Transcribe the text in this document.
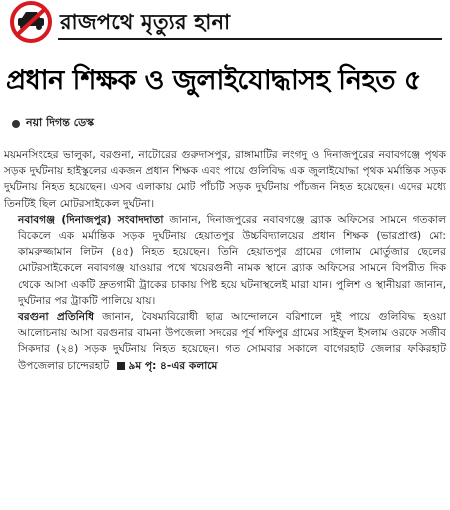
রাজপথে মৃত্যুর হানা
প্রধান শিক্ষক ও জুলাইযোদ্ধাসহ নিহত ৫
নয়া দিগন্ত ডেস্ক

ময়মনসিংহের ভালুকা, বরগুনা, নাটোরের গুরুদাসপুর, রাঙ্গামাটির লংগদু ও দিনাজপুরের নবাবগঞ্জে পৃথক সড়ক দুর্ঘটনায় হাইস্কুলের একজন প্রধান শিক্ষক এবং পায়ে গুলিবিদ্ধ এক জুলাইযোদ্ধা পৃথক মর্মান্তিক সড়ক দুর্ঘটনায় নিহত হয়েছেন। এসব এলাকায় মোট পাঁচটি সড়ক দুর্ঘটনায় পাঁচজন নিহত হয়েছেন। এদের মধ্যে তিনটিই ছিল মোটরসাইকেল দুর্ঘটনা।

নবাবগঞ্জ (দিনাজপুর) সংবাদদাতা জানান, দিনাজপুরের নবাবগঞ্জে ব্র্যাক অফিসের সামনে গতকাল বিকেলে এক মর্মান্তিক সড়ক দুর্ঘটনায় হেয়াতপুর উচ্চবিদ্যালয়ের প্রধান শিক্ষক (ভারপ্রাপ্ত) মো: কামরুজ্জামান লিটন (৪৫) নিহত হয়েছেন। তিনি হেয়াতপুর গ্রামের গোলাম মোর্তুজার ছেলের মোটরসাইকেলে নবাবগঞ্জ যাওয়ার পথে খয়েরগুনী নামক স্থানে ব্র্যাক অফিসের সামনে বিপরীত দিক থেকে আসা একটি দ্রুতগামী ট্রাকের চাকায় পিষ্ট হয়ে ঘটনাস্থলেই মারা যান। পুলিশ ও স্থানীয়রা জানান, দুর্ঘটনার পর ট্রাকটি পালিয়ে যায়।

বরগুনা প্রতিনিধি জানান, বৈষম্যবিরোধী ছাত্র আন্দোলনে বরিশালে দুই পায়ে গুলিবিদ্ধ হওয়া আলোচনায় আসা বরগুনার বামনা উপজেলা সদরের পূর্ব শফিপুর গ্রামের সাইফুল ইসলাম ওরফে সজীব সিকদার (২৪) সড়ক দুর্ঘটনায় নিহত হয়েছেন। গত সোমবার সকালে বাগেরহাট জেলার ফকিরহাট উপজেলার চান্দেরহাট ৯ম পৃ: ৪-এর কলামে
